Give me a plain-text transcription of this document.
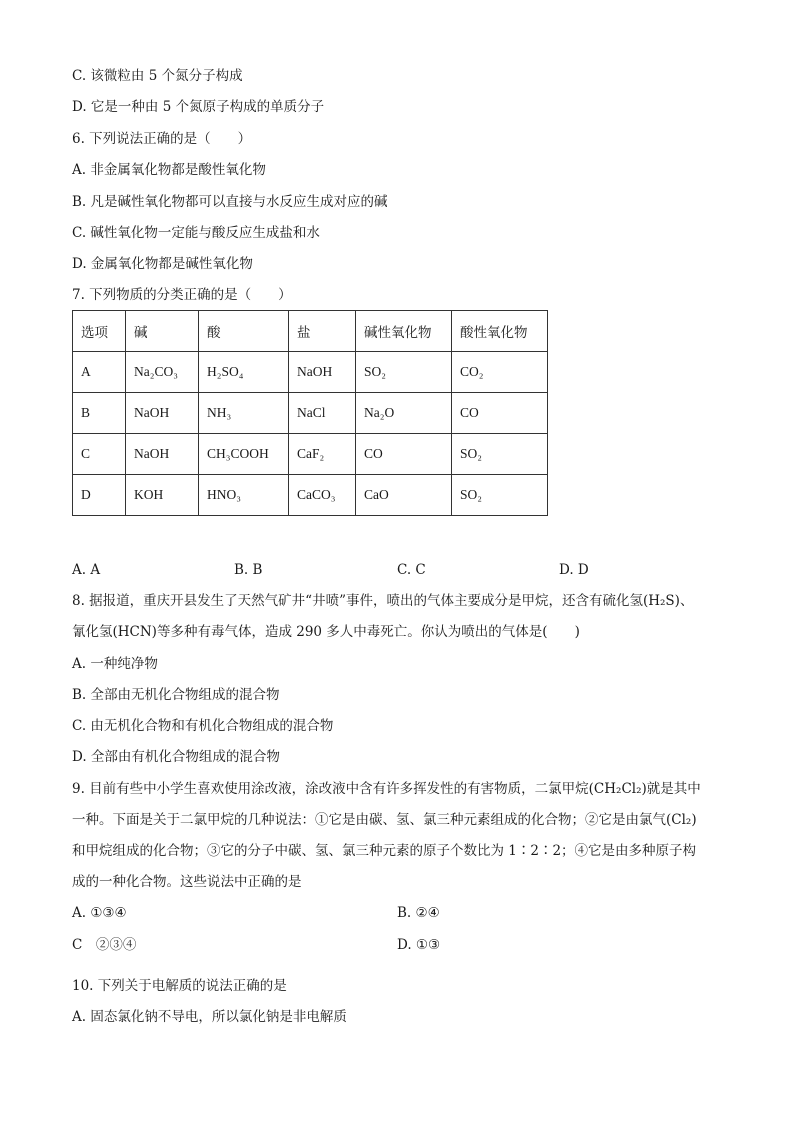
C. 该微粒由 5 个氮分子构成
D. 它是一种由 5 个氮原子构成的单质分子
6. 下列说法正确的是（　　）
A. 非金属氧化物都是酸性氧化物
B. 凡是碱性氧化物都可以直接与水反应生成对应的碱
C. 碱性氧化物一定能与酸反应生成盐和水
D. 金属氧化物都是碱性氧化物
7. 下列物质的分类正确的是（　　）
选项	碱	酸	盐	碱性氧化物	酸性氧化物
A	Na₂CO₃	H₂SO₄	NaOH	SO₂	CO₂
B	NaOH	NH₃	NaCl	Na₂O	CO
C	NaOH	CH₃COOH	CaF₂	CO	SO₂
D	KOH	HNO₃	CaCO₃	CaO	SO₂
A. A	B. B	C. C	D. D
8. 据报道，重庆开县发生了天然气矿井“井喷”事件，喷出的气体主要成分是甲烷，还含有硫化氢(H₂S)、
氰化氢(HCN)等多种有毒气体，造成 290 多人中毒死亡。你认为喷出的气体是(　　)
A. 一种纯净物
B. 全部由无机化合物组成的混合物
C. 由无机化合物和有机化合物组成的混合物
D. 全部由有机化合物组成的混合物
9. 目前有些中小学生喜欢使用涂改液，涂改液中含有许多挥发性的有害物质，二氯甲烷(CH₂Cl₂)就是其中
一种。下面是关于二氯甲烷的几种说法：①它是由碳、氢、氯三种元素组成的化合物；②它是由氯气(Cl₂)
和甲烷组成的化合物；③它的分子中碳、氢、氯三种元素的原子个数比为 1∶2∶2；④它是由多种原子构
成的一种化合物。这些说法中正确的是
A. ①③④	B. ②④
C　②③④	D. ①③
10. 下列关于电解质的说法正确的是
A. 固态氯化钠不导电，所以氯化钠是非电解质
